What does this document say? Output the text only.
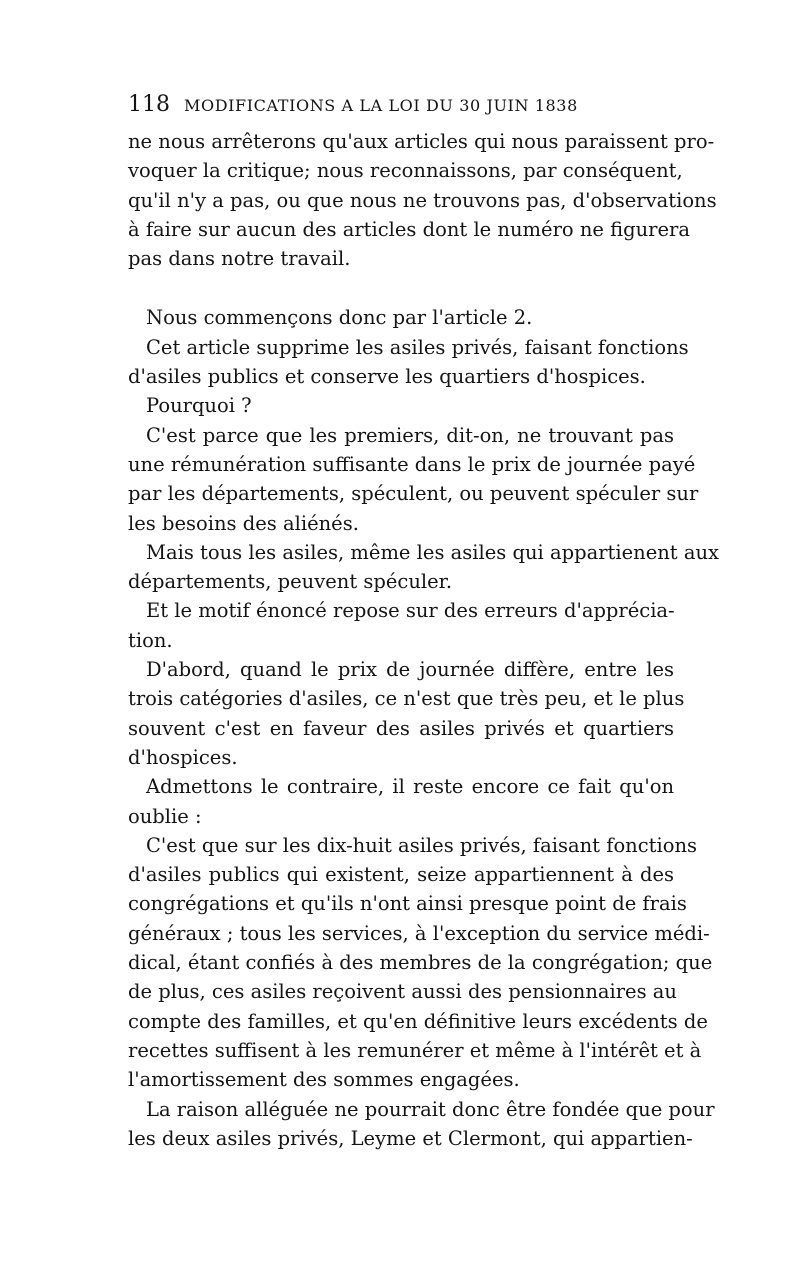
118 MODIFICATIONS A LA LOI DU 30 JUIN 1838
ne nous arrêterons qu'aux articles qui nous paraissent pro-
voquer la critique; nous reconnaissons, par conséquent,
qu'il n'y a pas, ou que nous ne trouvons pas, d'observations
à faire sur aucun des articles dont le numéro ne figurera
pas dans notre travail.
Nous commençons donc par l'article 2.
Cet article supprime les asiles privés, faisant fonctions
d'asiles publics et conserve les quartiers d'hospices.
Pourquoi ?
C'est parce que les premiers, dit-on, ne trouvant pas
une rémunération suffisante dans le prix de journée payé
par les départements, spéculent, ou peuvent spéculer sur
les besoins des aliénés.
Mais tous les asiles, même les asiles qui appartienent aux
départements, peuvent spéculer.
Et le motif énoncé repose sur des erreurs d'apprécia-
tion.
D'abord, quand le prix de journée diffère, entre les
trois catégories d'asiles, ce n'est que très peu, et le plus
souvent c'est en faveur des asiles privés et quartiers
d'hospices.
Admettons le contraire, il reste encore ce fait qu'on
oublie :
C'est que sur les dix-huit asiles privés, faisant fonctions
d'asiles publics qui existent, seize appartiennent à des
congrégations et qu'ils n'ont ainsi presque point de frais
généraux ; tous les services, à l'exception du service médi-
dical, étant confiés à des membres de la congrégation; que
de plus, ces asiles reçoivent aussi des pensionnaires au
compte des familles, et qu'en définitive leurs excédents de
recettes suffisent à les remunérer et même à l'intérêt et à
l'amortissement des sommes engagées.
La raison alléguée ne pourrait donc être fondée que pour
les deux asiles privés, Leyme et Clermont, qui appartien-
